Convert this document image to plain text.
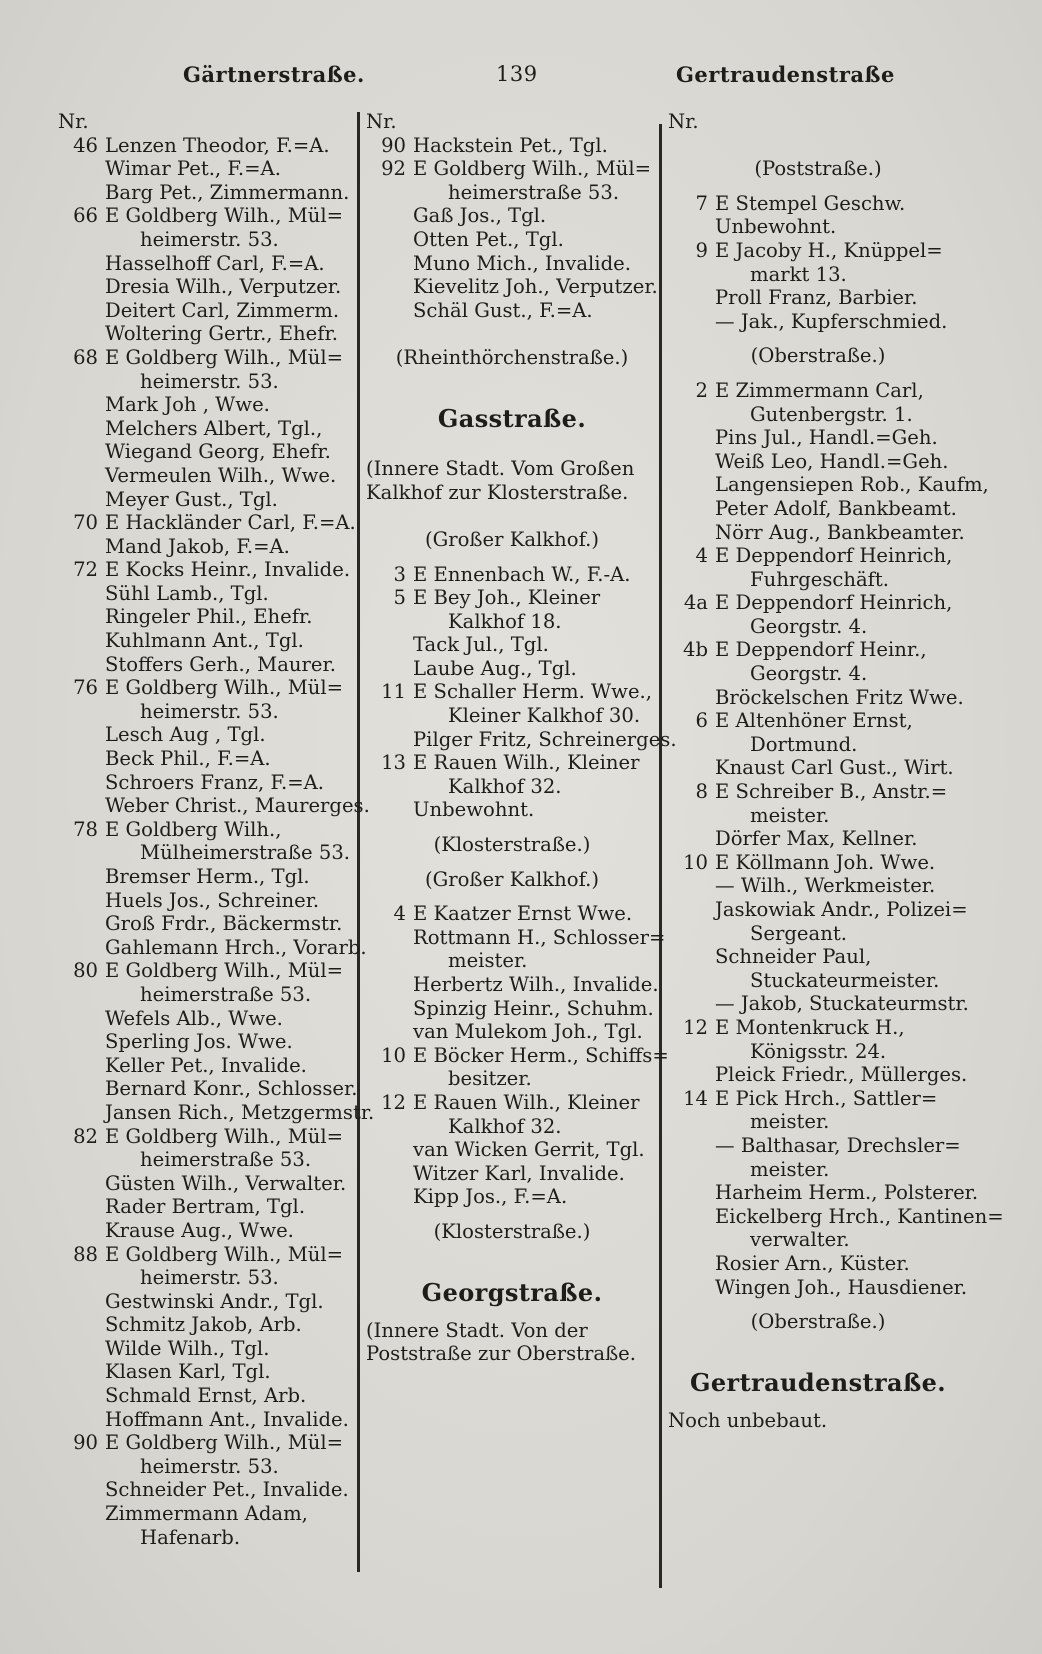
Gärtnerstraße.	139	Gertraudenstraße
Nr.
46 Lenzen Theodor, F.=A.
Wimar Pet., F.=A.
Barg Pet., Zimmermann.
66 E Goldberg Wilh., Mül=
heimerstr. 53.
Hasselhoff Carl, F.=A.
Dresia Wilh., Verputzer.
Deitert Carl, Zimmerm.
Woltering Gertr., Ehefr.
68 E Goldberg Wilh., Mül=
heimerstr. 53.
Mark Joh , Wwe.
Melchers Albert, Tgl.,
Wiegand Georg, Ehefr.
Vermeulen Wilh., Wwe.
Meyer Gust., Tgl.
70 E Hackländer Carl, F.=A.
Mand Jakob, F.=A.
72 E Kocks Heinr., Invalide.
Sühl Lamb., Tgl.
Ringeler Phil., Ehefr.
Kuhlmann Ant., Tgl.
Stoffers Gerh., Maurer.
76 E Goldberg Wilh., Mül=
heimerstr. 53.
Lesch Aug , Tgl.
Beck Phil., F.=A.
Schroers Franz, F.=A.
Weber Christ., Maurerges.
78 E Goldberg Wilh.,
Mülheimerstraße 53.
Bremser Herm., Tgl.
Huels Jos., Schreiner.
Groß Frdr., Bäckermstr.
Gahlemann Hrch., Vorarb.
80 E Goldberg Wilh., Mül=
heimerstraße 53.
Wefels Alb., Wwe.
Sperling Jos. Wwe.
Keller Pet., Invalide.
Bernard Konr., Schlosser.
Jansen Rich., Metzgermstr.
82 E Goldberg Wilh., Mül=
heimerstraße 53.
Güsten Wilh., Verwalter.
Rader Bertram, Tgl.
Krause Aug., Wwe.
88 E Goldberg Wilh., Mül=
heimerstr. 53.
Gestwinski Andr., Tgl.
Schmitz Jakob, Arb.
Wilde Wilh., Tgl.
Klasen Karl, Tgl.
Schmald Ernst, Arb.
Hoffmann Ant., Invalide.
90 E Goldberg Wilh., Mül=
heimerstr. 53.
Schneider Pet., Invalide.
Zimmermann Adam,
Hafenarb.
Nr.
90 Hackstein Pet., Tgl.
92 E Goldberg Wilh., Mül=
heimerstraße 53.
Gaß Jos., Tgl.
Otten Pet., Tgl.
Muno Mich., Invalide.
Kievelitz Joh., Verputzer.
Schäl Gust., F.=A.
(Rheinthörchenstraße.)
Gasstraße.
(Innere Stadt. Vom Großen
Kalkhof zur Klosterstraße.
(Großer Kalkhof.)
3 E Ennenbach W., F.-A.
5 E Bey Joh., Kleiner
Kalkhof 18.
Tack Jul., Tgl.
Laube Aug., Tgl.
11 E Schaller Herm. Wwe.,
Kleiner Kalkhof 30.
Pilger Fritz, Schreinerges.
13 E Rauen Wilh., Kleiner
Kalkhof 32.
Unbewohnt.
(Klosterstraße.)
(Großer Kalkhof.)
4 E Kaatzer Ernst Wwe.
Rottmann H., Schlosser=
meister.
Herbertz Wilh., Invalide.
Spinzig Heinr., Schuhm.
van Mulekom Joh., Tgl.
10 E Böcker Herm., Schiffs=
besitzer.
12 E Rauen Wilh., Kleiner
Kalkhof 32.
van Wicken Gerrit, Tgl.
Witzer Karl, Invalide.
Kipp Jos., F.=A.
(Klosterstraße.)
Georgstraße.
(Innere Stadt. Von der
Poststraße zur Oberstraße.
Nr.
(Poststraße.)
7 E Stempel Geschw.
Unbewohnt.
9 E Jacoby H., Knüppel=
markt 13.
Proll Franz, Barbier.
— Jak., Kupferschmied.
(Oberstraße.)
2 E Zimmermann Carl,
Gutenbergstr. 1.
Pins Jul., Handl.=Geh.
Weiß Leo, Handl.=Geh.
Langensiepen Rob., Kaufm,
Peter Adolf, Bankbeamt.
Nörr Aug., Bankbeamter.
4 E Deppendorf Heinrich,
Fuhrgeschäft.
4a E Deppendorf Heinrich,
Georgstr. 4.
4b E Deppendorf Heinr.,
Georgstr. 4.
Bröckelschen Fritz Wwe.
6 E Altenhöner Ernst,
Dortmund.
Knaust Carl Gust., Wirt.
8 E Schreiber B., Anstr.=
meister.
Dörfer Max, Kellner.
10 E Köllmann Joh. Wwe.
— Wilh., Werkmeister.
Jaskowiak Andr., Polizei=
Sergeant.
Schneider Paul,
Stuckateurmeister.
— Jakob, Stuckateurmstr.
12 E Montenkruck H.,
Königsstr. 24.
Pleick Friedr., Müllerges.
14 E Pick Hrch., Sattler=
meister.
— Balthasar, Drechsler=
meister.
Harheim Herm., Polsterer.
Eickelberg Hrch., Kantinen=
verwalter.
Rosier Arn., Küster.
Wingen Joh., Hausdiener.
(Oberstraße.)
Gertraudenstraße.
Noch unbebaut.
